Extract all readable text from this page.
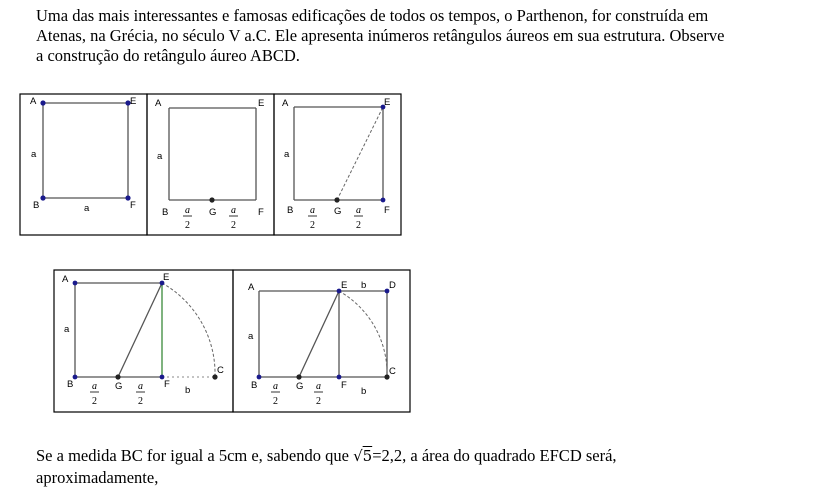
Uma das mais interessantes e famosas edificações de todos os tempos, o Parthenon, for construída em
Atenas, na Grécia, no século V a.C. Ele apresenta inúmeros retângulos áureos em sua estrutura. Observe
a construção do retângulo áureo ABCD.
A	E
B	F
a
a
A	E
B	G	F
a
a
2
a
2
A	E
B	G	F
a
a
2
a
2
A	E
B	G	F
C
a
b
a
2
a
2
A	E b D
B	G	F
C
a
b
a
2
a
2
Se a medida BC for igual a 5cm e, sabendo que √5=2,2, a área do quadrado EFCD será,
aproximadamente,
